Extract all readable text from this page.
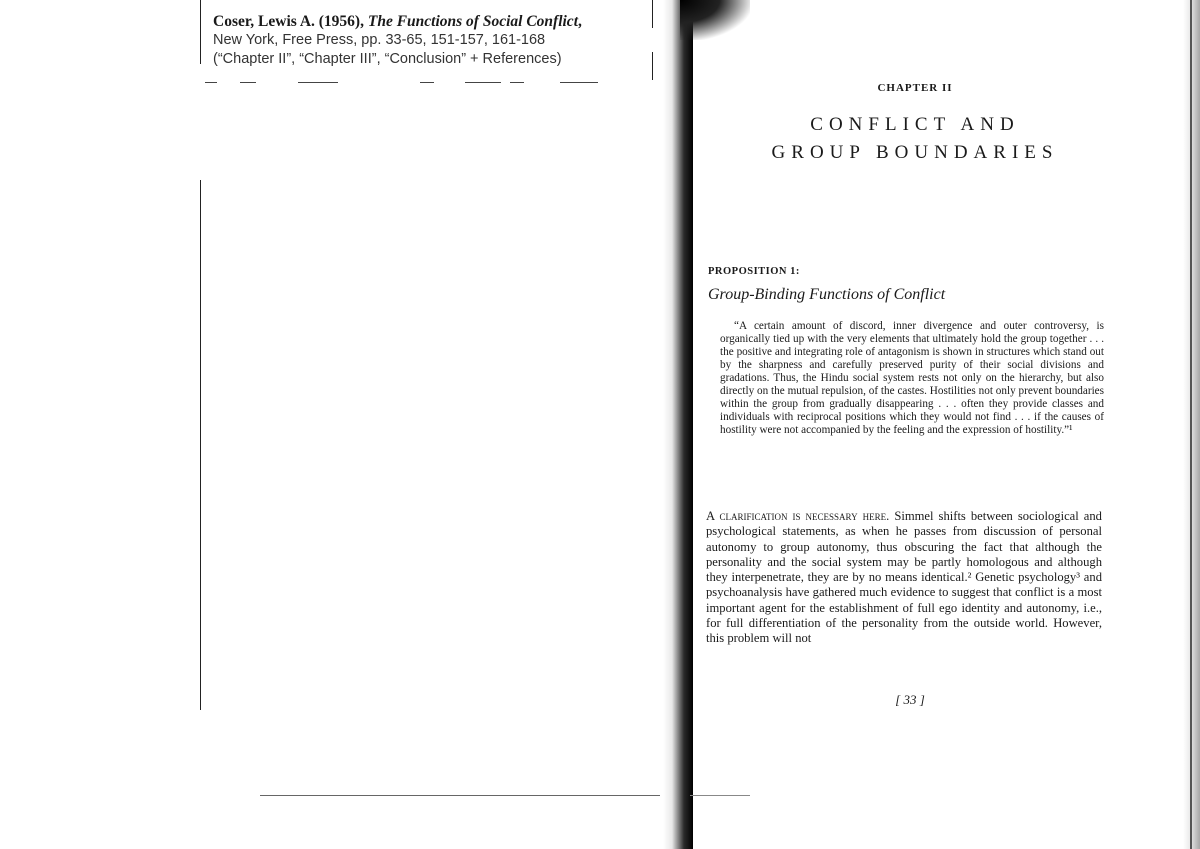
Coser, Lewis A. (1956), The Functions of Social Conflict,
New York, Free Press, pp. 33-65, 151-157, 161-168
(“Chapter II”, “Chapter III”, “Conclusion” + References)
CHAPTER II
CONFLICT AND
GROUP BOUNDARIES
PROPOSITION 1:
Group-Binding Functions of Conflict
“A certain amount of discord, inner divergence and outer controversy, is organically tied up with the very elements that ultimately hold the group together . . . the positive and integrating role of antagonism is shown in structures which stand out by the sharpness and carefully preserved purity of their social divisions and gradations. Thus, the Hindu social system rests not only on the hierarchy, but also directly on the mutual repulsion, of the castes. Hostilities not only prevent boundaries within the group from gradually disappearing . . . often they provide classes and individuals with reciprocal positions which they would not find . . . if the causes of hostility were not accompanied by the feeling and the expression of hostility.”¹
A clarification is necessary here. Simmel shifts between sociological and psychological statements, as when he passes from discussion of personal autonomy to group autonomy, thus obscuring the fact that although the personality and the social system may be partly homologous and although they interpenetrate, they are by no means identical.² Genetic psychology³ and psychoanalysis have gathered much evidence to suggest that conflict is a most important agent for the establishment of full ego identity and autonomy, i.e., for full differentiation of the personality from the outside world. However, this problem will not
[ 33 ]
